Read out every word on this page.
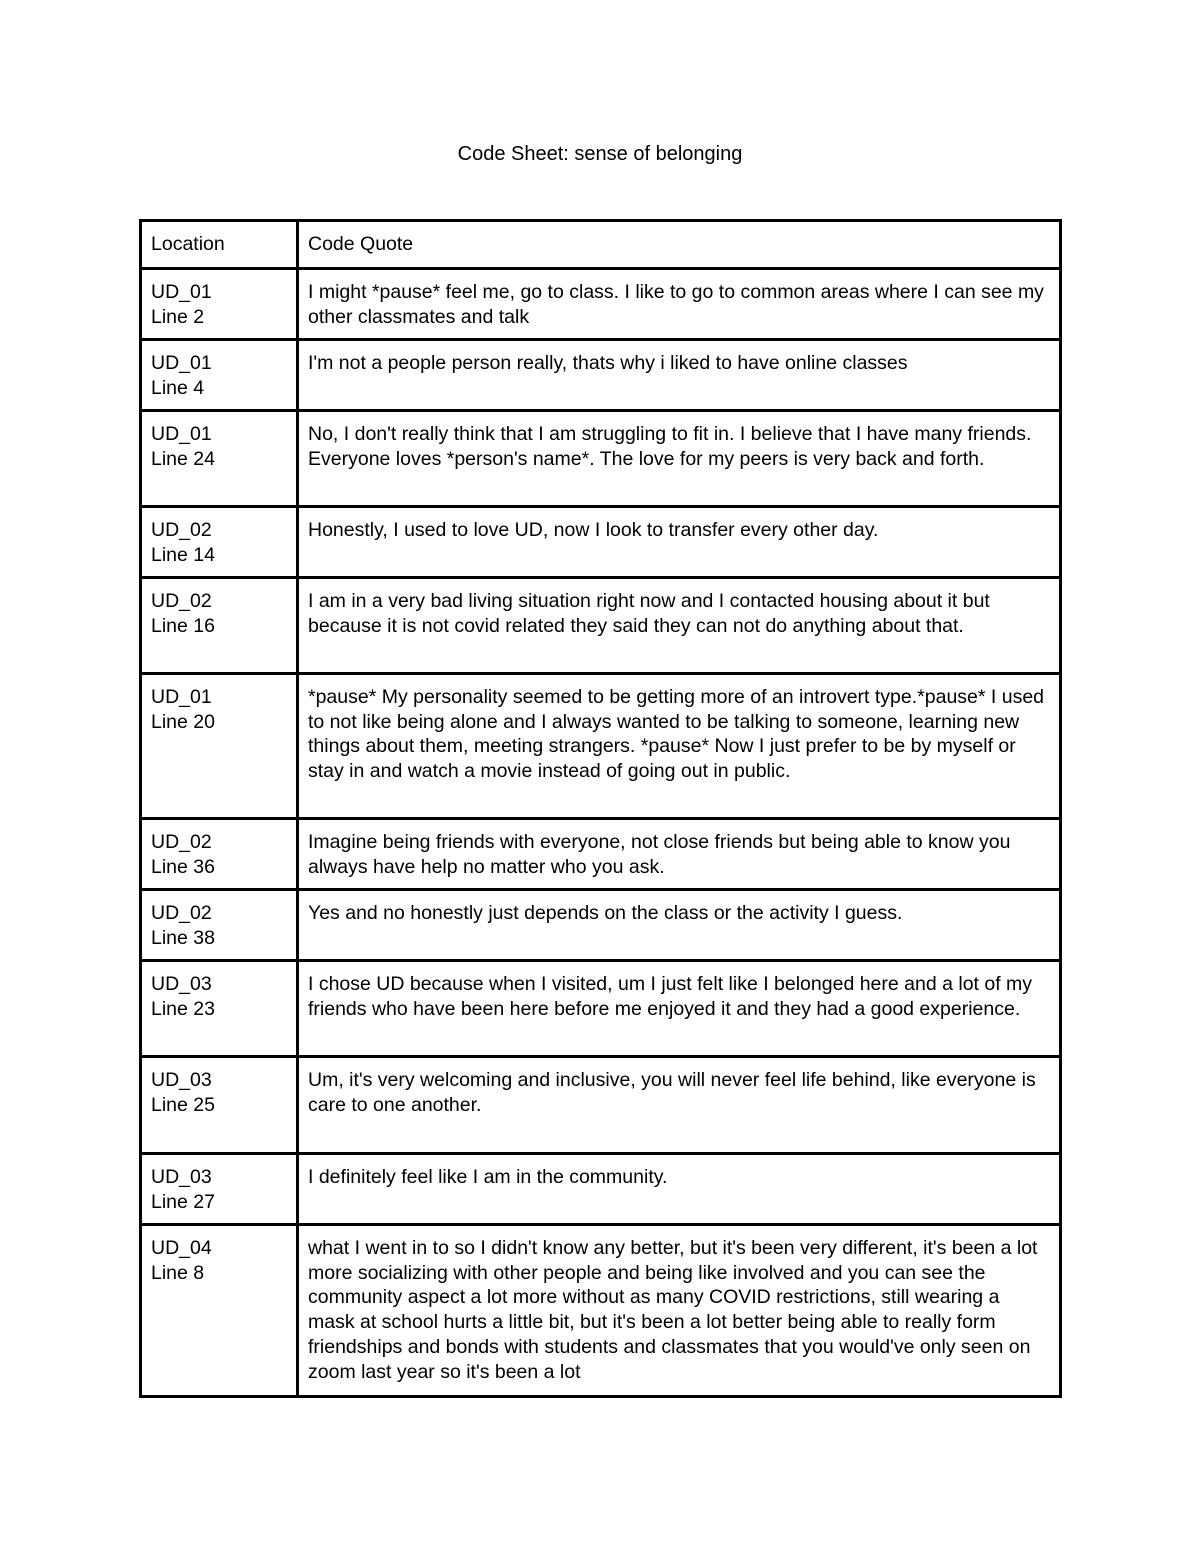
Code Sheet: sense of belonging
Location	Code Quote

UD_01
Line 2	I might *pause* feel me, go to class. I like to go to common areas where I can see my other classmates and talk

UD_01
Line 4	I'm not a people person really, thats why i liked to have online classes

UD_01
Line 24	No, I don't really think that I am struggling to fit in. I believe that I have many friends. Everyone loves *person's name*. The love for my peers is very back and forth.

UD_02
Line 14	Honestly, I used to love UD, now I look to transfer every other day.

UD_02
Line 16	I am in a very bad living situation right now and I contacted housing about it but because it is not covid related they said they can not do anything about that.

UD_01
Line 20	*pause* My personality seemed to be getting more of an introvert type.*pause* I used to not like being alone and I always wanted to be talking to someone, learning new things about them, meeting strangers. *pause* Now I just prefer to be by myself or stay in and watch a movie instead of going out in public.

UD_02
Line 36	Imagine being friends with everyone, not close friends but being able to know you always have help no matter who you ask.

UD_02
Line 38	Yes and no honestly just depends on the class or the activity I guess.

UD_03
Line 23	I chose UD because when I visited, um I just felt like I belonged here and a lot of my friends who have been here before me enjoyed it and they had a good experience.

UD_03
Line 25	Um, it's very welcoming and inclusive, you will never feel life behind, like everyone is care to one another.

UD_03
Line 27	I definitely feel like I am in the community.

UD_04
Line 8	what I went in to so I didn't know any better, but it's been very different, it's been a lot more socializing with other people and being like involved and you can see the community aspect a lot more without as many COVID restrictions, still wearing a mask at school hurts a little bit, but it's been a lot better being able to really form friendships and bonds with students and classmates that you would've only seen on zoom last year so it's been a lot
